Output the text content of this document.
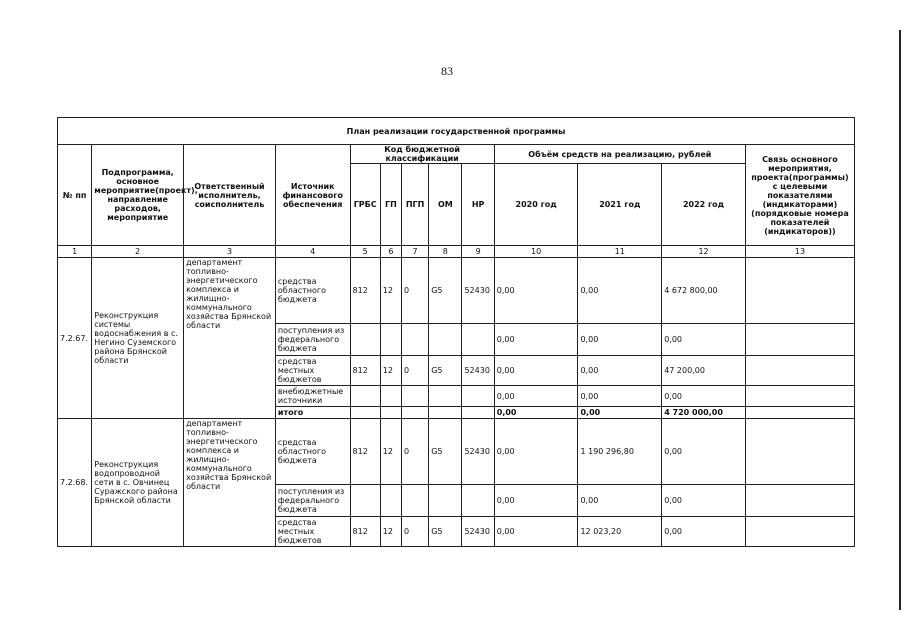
83
План реализации государственной программы												
№ пп	Подпрограмма, основное мероприятие(проект), направление расходов, мероприятие	Ответственный исполнитель, соисполнитель	Источник финансового обеспечения	Код бюджетной классификации					Объём средств на реализацию, рублей			Связь основного мероприятия, проекта(программы) с целевыми показателями (индикаторами) (порядковые номера показателей (индикаторов))
				ГРБС	ГП	ПГП	ОМ	НР	2020 год	2021 год	2022 год	
1	2	3	4	5	6	7	8	9	10	11	12	13
7.2.67.	Реконструкция системы водоснабжения в с. Негино Суземского района Брянской области	департамент топливно-энергетического комплекса и жилищно-коммунального хозяйства Брянской области	средства областного бюджета	812	12	0	G5	52430	0,00	0,00	4 672 800,00	
			поступления из федерального бюджета						0,00	0,00	0,00	
			средства местных бюджетов	812	12	0	G5	52430	0,00	0,00	47 200,00	
			внебюджетные источники						0,00	0,00	0,00	
			итого						0,00	0,00	4 720 000,00	
7.2.68.	Реконструкция водопроводной сети в с. Овчинец Суражского района Брянской области	департамент топливно-энергетического комплекса и жилищно-коммунального хозяйства Брянской области	средства областного бюджета	812	12	0	G5	52430	0,00	1 190 296,80	0,00	
			поступления из федерального бюджета						0,00	0,00	0,00	
			средства местных бюджетов	812	12	0	G5	52430	0,00	12 023,20	0,00	
